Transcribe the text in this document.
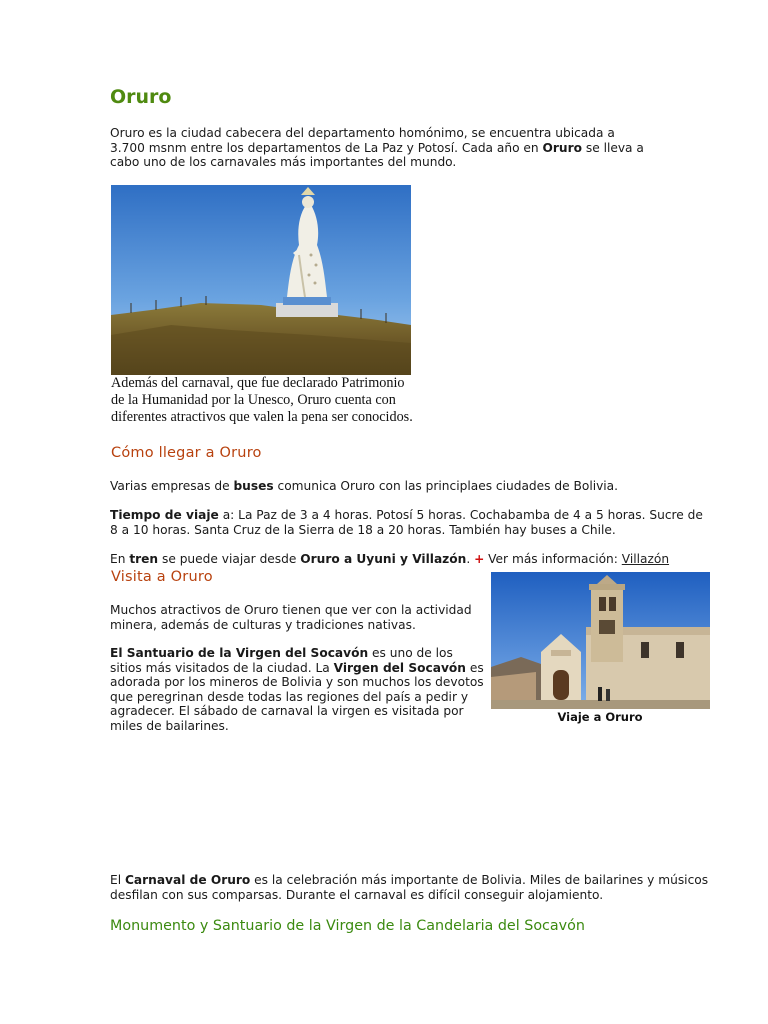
Oruro

Oruro es la ciudad cabecera del departamento homónimo, se encuentra ubicada a 3.700 msnm entre los departamentos de La Paz y Potosí. Cada año en Oruro se lleva a cabo uno de los carnavales más importantes del mundo.

Además del carnaval, que fue declarado Patrimonio de la Humanidad por la Unesco, Oruro cuenta con diferentes atractivos que valen la pena ser conocidos.
Cómo llegar a Oruro

Varias empresas de buses comunica Oruro con las principlaes ciudades de Bolivia.

Tiempo de viaje a: La Paz de 3 a 4 horas. Potosí 5 horas. Cochabamba de 4 a 5 horas. Sucre de 8 a 10 horas. Santa Cruz de la Sierra de 18 a 20 horas. También hay buses a Chile.

En tren se puede viajar desde Oruro a Uyuni y Villazón. + Ver más información: Villazón

Visita a Oruro

Muchos atractivos de Oruro tienen que ver con la actividad minera, además de culturas y tradiciones nativas.

El Santuario de la Virgen del Socavón es uno de los sitios más visitados de la ciudad. La Virgen del Socavón es adorada por los mineros de Bolivia y son muchos los devotos que peregrinan desde todas las regiones del país a pedir y agradecer. El sábado de carnaval la virgen es visitada por miles de bailarines.

Viaje a Oruro

El Carnaval de Oruro es la celebración más importante de Bolivia. Miles de bailarines y músicos desfilan con sus comparsas. Durante el carnaval es difícil conseguir alojamiento.

Monumento y Santuario de la Virgen de la Candelaria del Socavón
